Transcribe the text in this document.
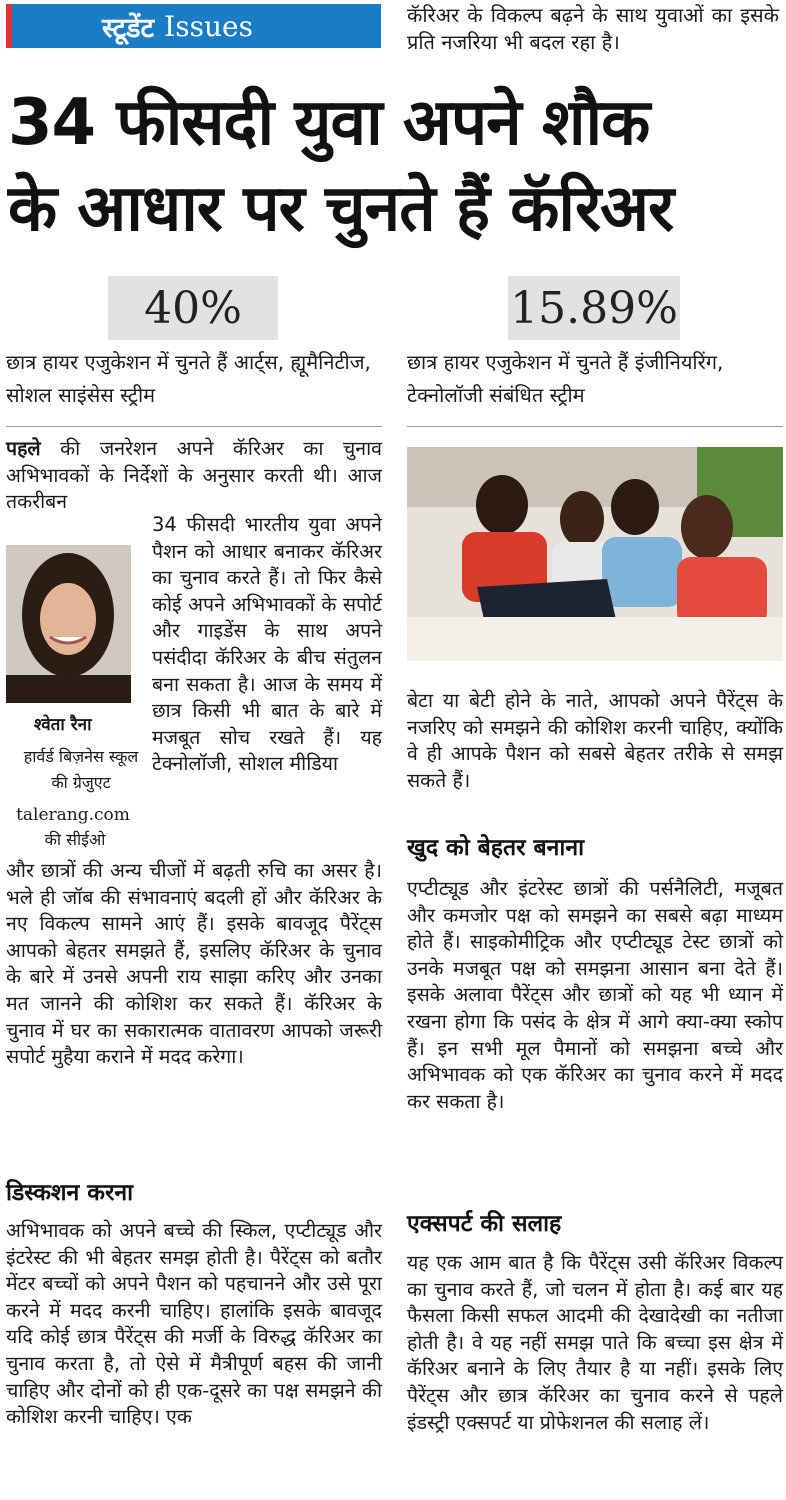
स्टूडेंट Issues	कॅरिअर के विकल्प बढ़ने के साथ युवाओं का इसके प्रति नजरिया भी बदल रहा है।
34 फीसदी युवा अपने शौक
के आधार पर चुनते हैं कॅरिअर
40%	15.89%
छात्र हायर एजुकेशन में चुनते हैं आर्ट्स, ह्यूमैनिटीज, सोशल साइंसेस स्ट्रीम
छात्र हायर एजुकेशन में चुनते हैं इंजीनियरिंग, टेक्नोलॉजी संबंधित स्ट्रीम

पहले की जनरेशन अपने कॅरिअर का चुनाव अभिभावकों के निर्देशों के अनुसार करती थी। आज तकरीबन

श्वेता रैना
हार्वर्ड बिज़नेस स्कूल की ग्रेजुएट
talerang.com
की सीईओ

34 फीसदी भारतीय युवा अपने पैशन को आधार बनाकर कॅरिअर का चुनाव करते हैं। तो फिर कैसे कोई अपने अभिभावकों के सपोर्ट और गाइडेंस के साथ अपने पसंदीदा कॅरिअर के बीच संतुलन बना सकता है। आज के समय में छात्र किसी भी बात के बारे में मजबूत सोच रखते हैं। यह टेक्नोलॉजी, सोशल मीडिया

और छात्रों की अन्य चीजों में बढ़ती रुचि का असर है। भले ही जॉब की संभावनाएं बदली हों और कॅरिअर के नए विकल्प सामने आएं हैं। इसके बावजूद पैरेंट्स आपको बेहतर समझते हैं, इसलिए कॅरिअर के चुनाव के बारे में उनसे अपनी राय साझा करिए और उनका मत जानने की कोशिश कर सकते हैं। कॅरिअर के चुनाव में घर का सकारात्मक वातावरण आपको जरूरी सपोर्ट मुहैया कराने में मदद करेगा।

डिस्कशन करना

अभिभावक को अपने बच्चे की स्किल, एप्टीट्यूड और इंटरेस्ट की भी बेहतर समझ होती है। पैरेंट्स को बतौर मेंटर बच्चों को अपने पैशन को पहचानने और उसे पूरा करने में मदद करनी चाहिए। हालांकि इसके बावजूद यदि कोई छात्र पैरेंट्स की मर्जी के विरुद्ध कॅरिअर का चुनाव करता है, तो ऐसे में मैत्रीपूर्ण बहस की जानी चाहिए और दोनों को ही एक-दूसरे का पक्ष समझने की कोशिश करनी चाहिए। एक

बेटा या बेटी होने के नाते, आपको अपने पैरेंट्स के नजरिए को समझने की कोशिश करनी चाहिए, क्योंकि वे ही आपके पैशन को सबसे बेहतर तरीके से समझ सकते हैं।

खुद को बेहतर बनाना

एप्टीट्यूड और इंटरेस्ट छात्रों की पर्सनैलिटी, मजूबत और कमजोर पक्ष को समझने का सबसे बढ़ा माध्यम होते हैं। साइकोमीट्रिक और एप्टीट्यूड टेस्ट छात्रों को उनके मजबूत पक्ष को समझना आसान बना देते हैं। इसके अलावा पैरेंट्स और छात्रों को यह भी ध्यान में रखना होगा कि पसंद के क्षेत्र में आगे क्या-क्या स्कोप हैं। इन सभी मूल पैमानों को समझना बच्चे और अभिभावक को एक कॅरिअर का चुनाव करने में मदद कर सकता है।

एक्सपर्ट की सलाह

यह एक आम बात है कि पैरेंट्स उसी कॅरिअर विकल्प का चुनाव करते हैं, जो चलन में होता है। कई बार यह फैसला किसी सफल आदमी की देखादेखी का नतीजा होती है। वे यह नहीं समझ पाते कि बच्चा इस क्षेत्र में कॅरिअर बनाने के लिए तैयार है या नहीं। इसके लिए पैरेंट्स और छात्र कॅरिअर का चुनाव करने से पहले इंडस्ट्री एक्सपर्ट या प्रोफेशनल की सलाह लें।
